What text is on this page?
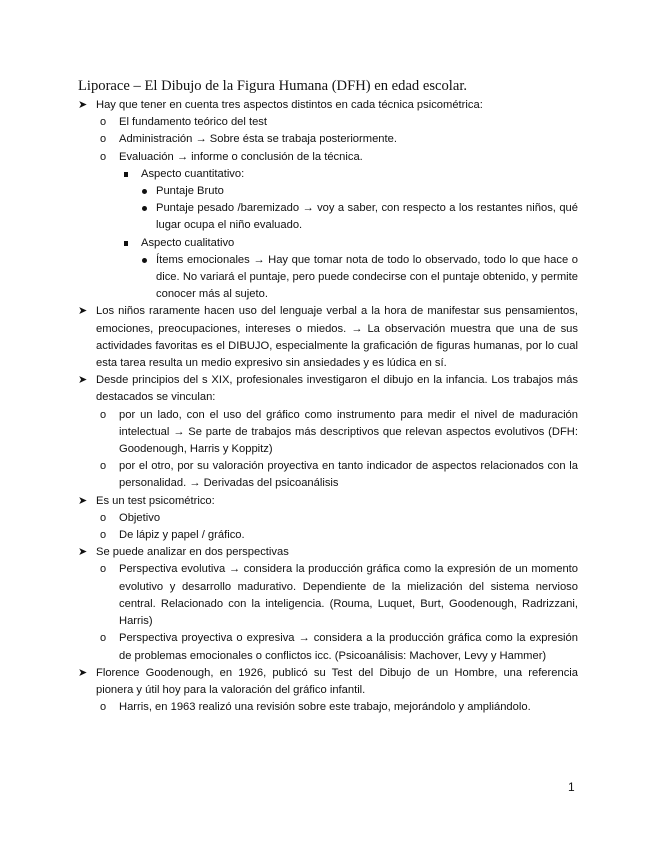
Liporace – El Dibujo de la Figura Humana (DFH) en edad escolar.
➤ Hay que tener en cuenta tres aspectos distintos en cada técnica psicométrica:
o El fundamento teórico del test
o Administración → Sobre ésta se trabaja posteriormente.
o Evaluación → informe o conclusión de la técnica.
Aspecto cuantitativo:
Puntaje Bruto
Puntaje pesado /baremizado → voy a saber, con respecto a los restantes niños, qué lugar ocupa el niño evaluado.
Aspecto cualitativo
Ítems emocionales → Hay que tomar nota de todo lo observado, todo lo que hace o dice. No variará el puntaje, pero puede condecirse con el puntaje obtenido, y permite conocer más al sujeto.
➤ Los niños raramente hacen uso del lenguaje verbal a la hora de manifestar sus pensamientos, emociones, preocupaciones, intereses o miedos. → La observación muestra que una de sus actividades favoritas es el DIBUJO, especialmente la graficación de figuras humanas, por lo cual esta tarea resulta un medio expresivo sin ansiedades y es lúdica en sí.
➤ Desde principios del s XIX, profesionales investigaron el dibujo en la infancia. Los trabajos más destacados se vinculan:
o por un lado, con el uso del gráfico como instrumento para medir el nivel de maduración intelectual → Se parte de trabajos más descriptivos que relevan aspectos evolutivos (DFH: Goodenough, Harris y Koppitz)
o por el otro, por su valoración proyectiva en tanto indicador de aspectos relacionados con la personalidad. → Derivadas del psicoanálisis
➤ Es un test psicométrico:
o Objetivo
o De lápiz y papel / gráfico.
➤ Se puede analizar en dos perspectivas
o Perspectiva evolutiva → considera la producción gráfica como la expresión de un momento evolutivo y desarrollo madurativo. Dependiente de la mielización del sistema nervioso central. Relacionado con la inteligencia. (Rouma, Luquet, Burt, Goodenough, Radrizzani, Harris)
o Perspectiva proyectiva o expresiva → considera a la producción gráfica como la expresión de problemas emocionales o conflictos icc. (Psicoanálisis: Machover, Levy y Hammer)
➤ Florence Goodenough, en 1926, publicó su Test del Dibujo de un Hombre, una referencia pionera y útil hoy para la valoración del gráfico infantil.
o Harris, en 1963 realizó una revisión sobre este trabajo, mejorándolo y ampliándolo.
1
